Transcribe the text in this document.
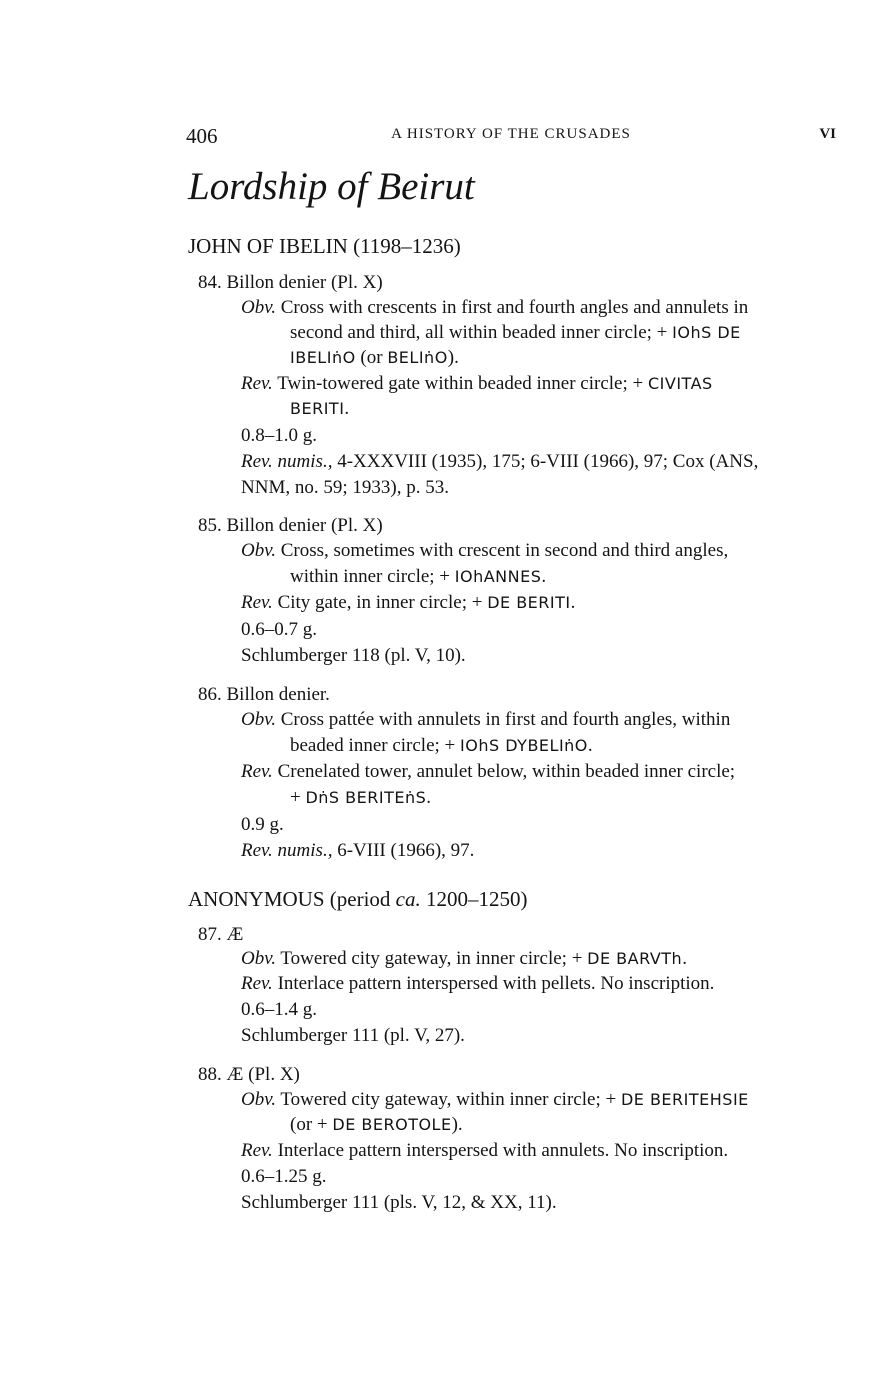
406	A HISTORY OF THE CRUSADES	VI
Lordship of Beirut
JOHN OF IBELIN (1198–1236)
84. Billon denier (Pl. X)
Obv. Cross with crescents in first and fourth angles and annulets in
second and third, all within beaded inner circle; + IOhS DE
IBELIṅO (or BELIṅO).
Rev. Twin-towered gate within beaded inner circle; + CIVITAS
BERITI.
0.8–1.0 g.
Rev. numis., 4-XXXVIII (1935), 175; 6-VIII (1966), 97; Cox (ANS,
NNM, no. 59; 1933), p. 53.
85. Billon denier (Pl. X)
Obv. Cross, sometimes with crescent in second and third angles,
within inner circle; + IOhANNES.
Rev. City gate, in inner circle; + DE BERITI.
0.6–0.7 g.
Schlumberger 118 (pl. V, 10).
86. Billon denier.
Obv. Cross pattée with annulets in first and fourth angles, within
beaded inner circle; + IOhS DYBELIṅO.
Rev. Crenelated tower, annulet below, within beaded inner circle;
+ DṅS BERITEṅS.
0.9 g.
Rev. numis., 6-VIII (1966), 97.
ANONYMOUS (period ca. 1200–1250)
87. Æ
Obv. Towered city gateway, in inner circle; + DE BARVTh.
Rev. Interlace pattern interspersed with pellets. No inscription.
0.6–1.4 g.
Schlumberger 111 (pl. V, 27).
88. Æ (Pl. X)
Obv. Towered city gateway, within inner circle; + DE BERITEHSIE
(or + DE BEROTOLE).
Rev. Interlace pattern interspersed with annulets. No inscription.
0.6–1.25 g.
Schlumberger 111 (pls. V, 12, & XX, 11).
